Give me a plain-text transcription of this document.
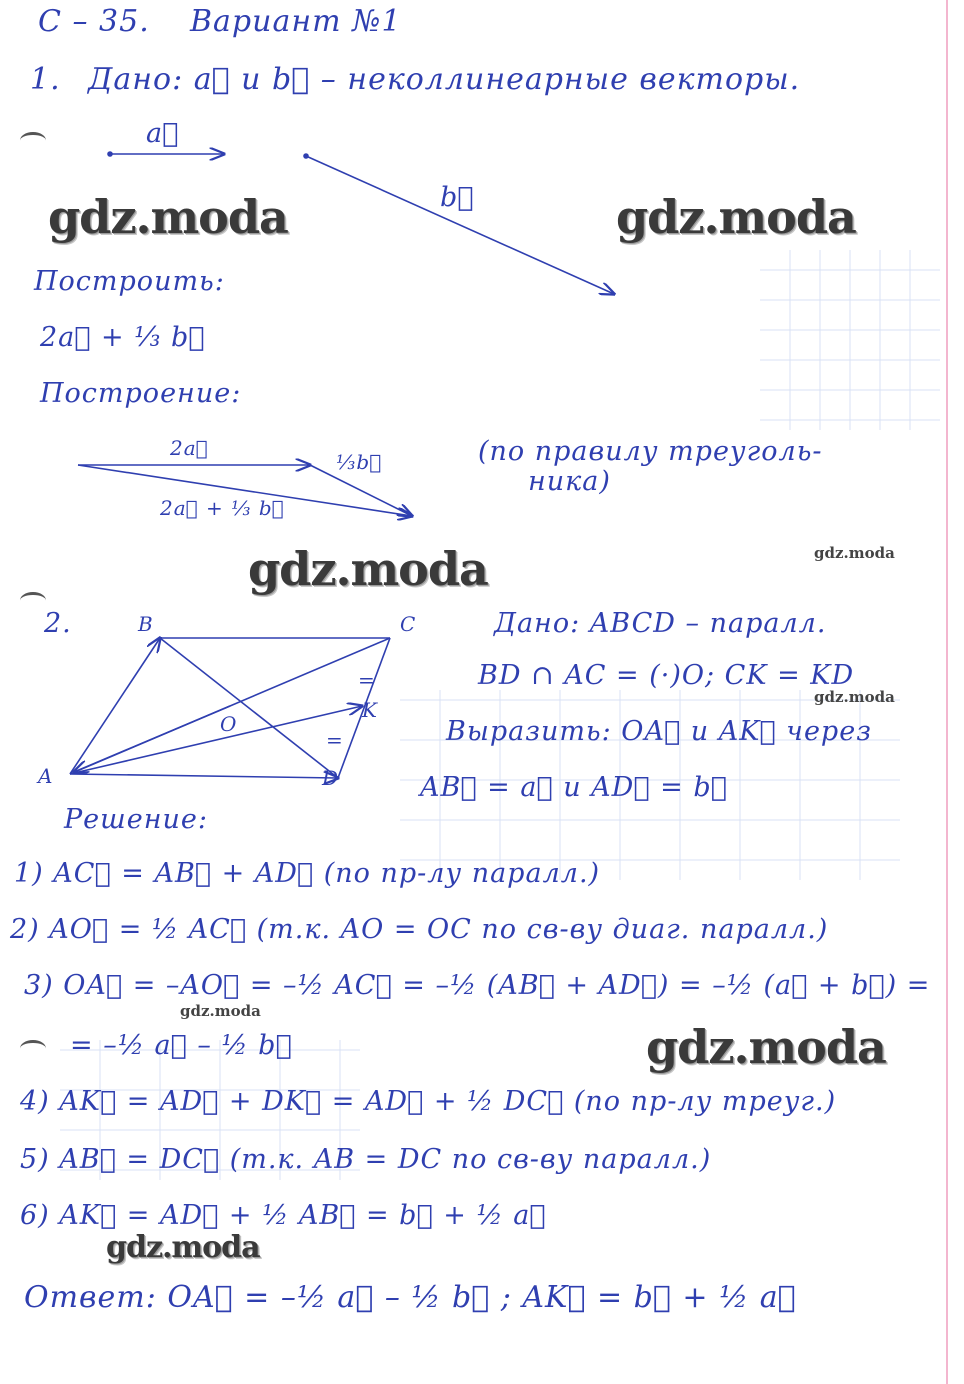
С – 35. Вариант №1
1. Дано: a⃗ и b⃗ – неколлинеарные векторы.
a⃗
b⃗
Построить:
2a⃗ + ⅓ b⃗
Построение:
2a⃗
⅓b⃗
2a⃗ + ⅓ b⃗
(по правилу треуголь-
ника)
2.	B	C
A	D
O
K
=
=
Дано: ABCD – паралл.
BD ∩ AC = (·)O; CK = KD
Выразить: OA⃗ и AK⃗ через
AB⃗ = a⃗ и AD⃗ = b⃗
Решение:
1) AC⃗ = AB⃗ + AD⃗ (по пр-лу паралл.)
2) AO⃗ = ½ AC⃗ (т.к. AO = OC по св-ву диаг. паралл.)
3) OA⃗ = –AO⃗ = –½ AC⃗ = –½ (AB⃗ + AD⃗) = –½ (a⃗ + b⃗) =
= –½ a⃗ – ½ b⃗
4) AK⃗ = AD⃗ + DK⃗ = AD⃗ + ½ DC⃗ (по пр-лу треуг.)
5) AB⃗ = DC⃗ (т.к. AB = DC по св-ву паралл.)
6) AK⃗ = AD⃗ + ½ AB⃗ = b⃗ + ½ a⃗
Ответ: OA⃗ = –½ a⃗ – ½ b⃗ ; AK⃗ = b⃗ + ½ a⃗
gdz.moda	gdz.moda
gdz.moda	gdz.moda
gdz.moda
gdz.moda
gdz.moda
gdz.moda
